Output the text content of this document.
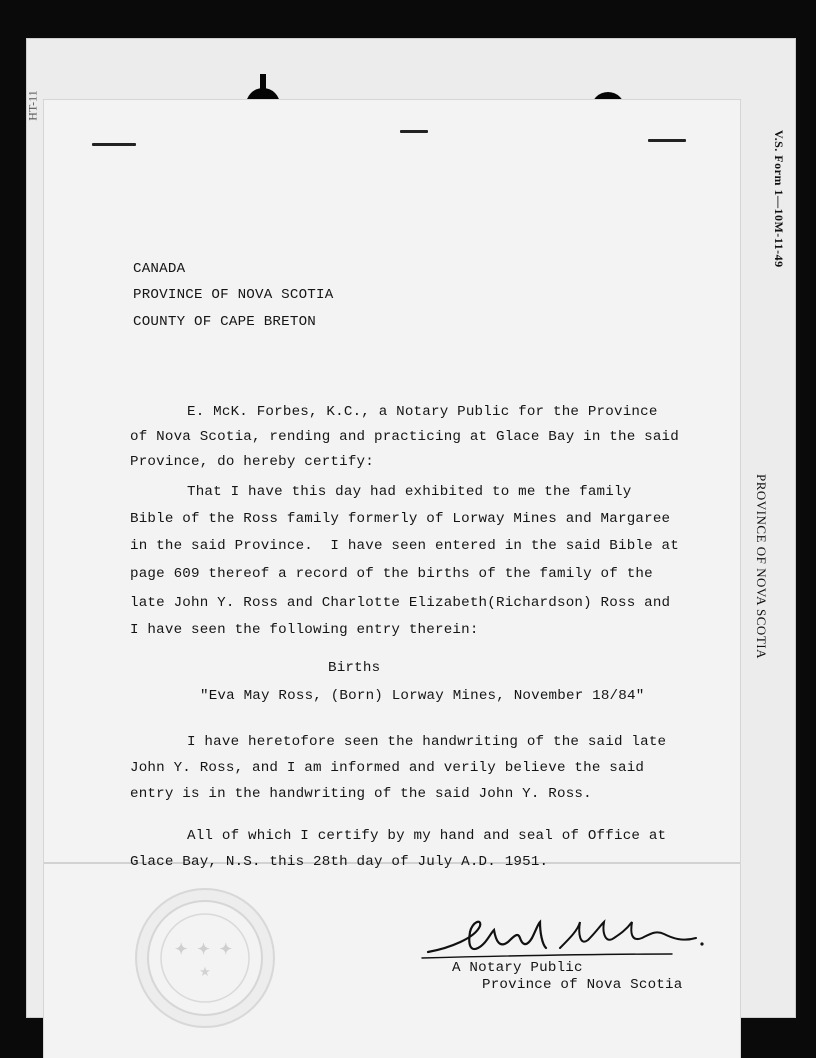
HT-11
V.S. Form 1—10M-11-49
PROVINCE OF NOVA SCOTIA
CANADA
PROVINCE OF NOVA SCOTIA
COUNTY OF CAPE BRETON
E. McK. Forbes, K.C., a Notary Public for the Province
of Nova Scotia, rending and practicing at Glace Bay in the said
Province, do hereby certify:
That I have this day had exhibited to me the family
Bible of the Ross family formerly of Lorway Mines and Margaree
in the said Province.  I have seen entered in the said Bible at
page 609 thereof a record of the births of the family of the
late John Y. Ross and Charlotte Elizabeth(Richardson) Ross and
I have seen the following entry therein:
Births
"Eva May Ross, (Born) Lorway Mines, November 18/84"
I have heretofore seen the handwriting of the said late
John Y. Ross, and I am informed and verily believe the said
entry is in the handwriting of the said John Y. Ross.
All of which I certify by my hand and seal of Office at
Glace Bay, N.S. this 28th day of July A.D. 1951.
✦ ✦ ✦
★	A Notary Public
Province of Nova Scotia
